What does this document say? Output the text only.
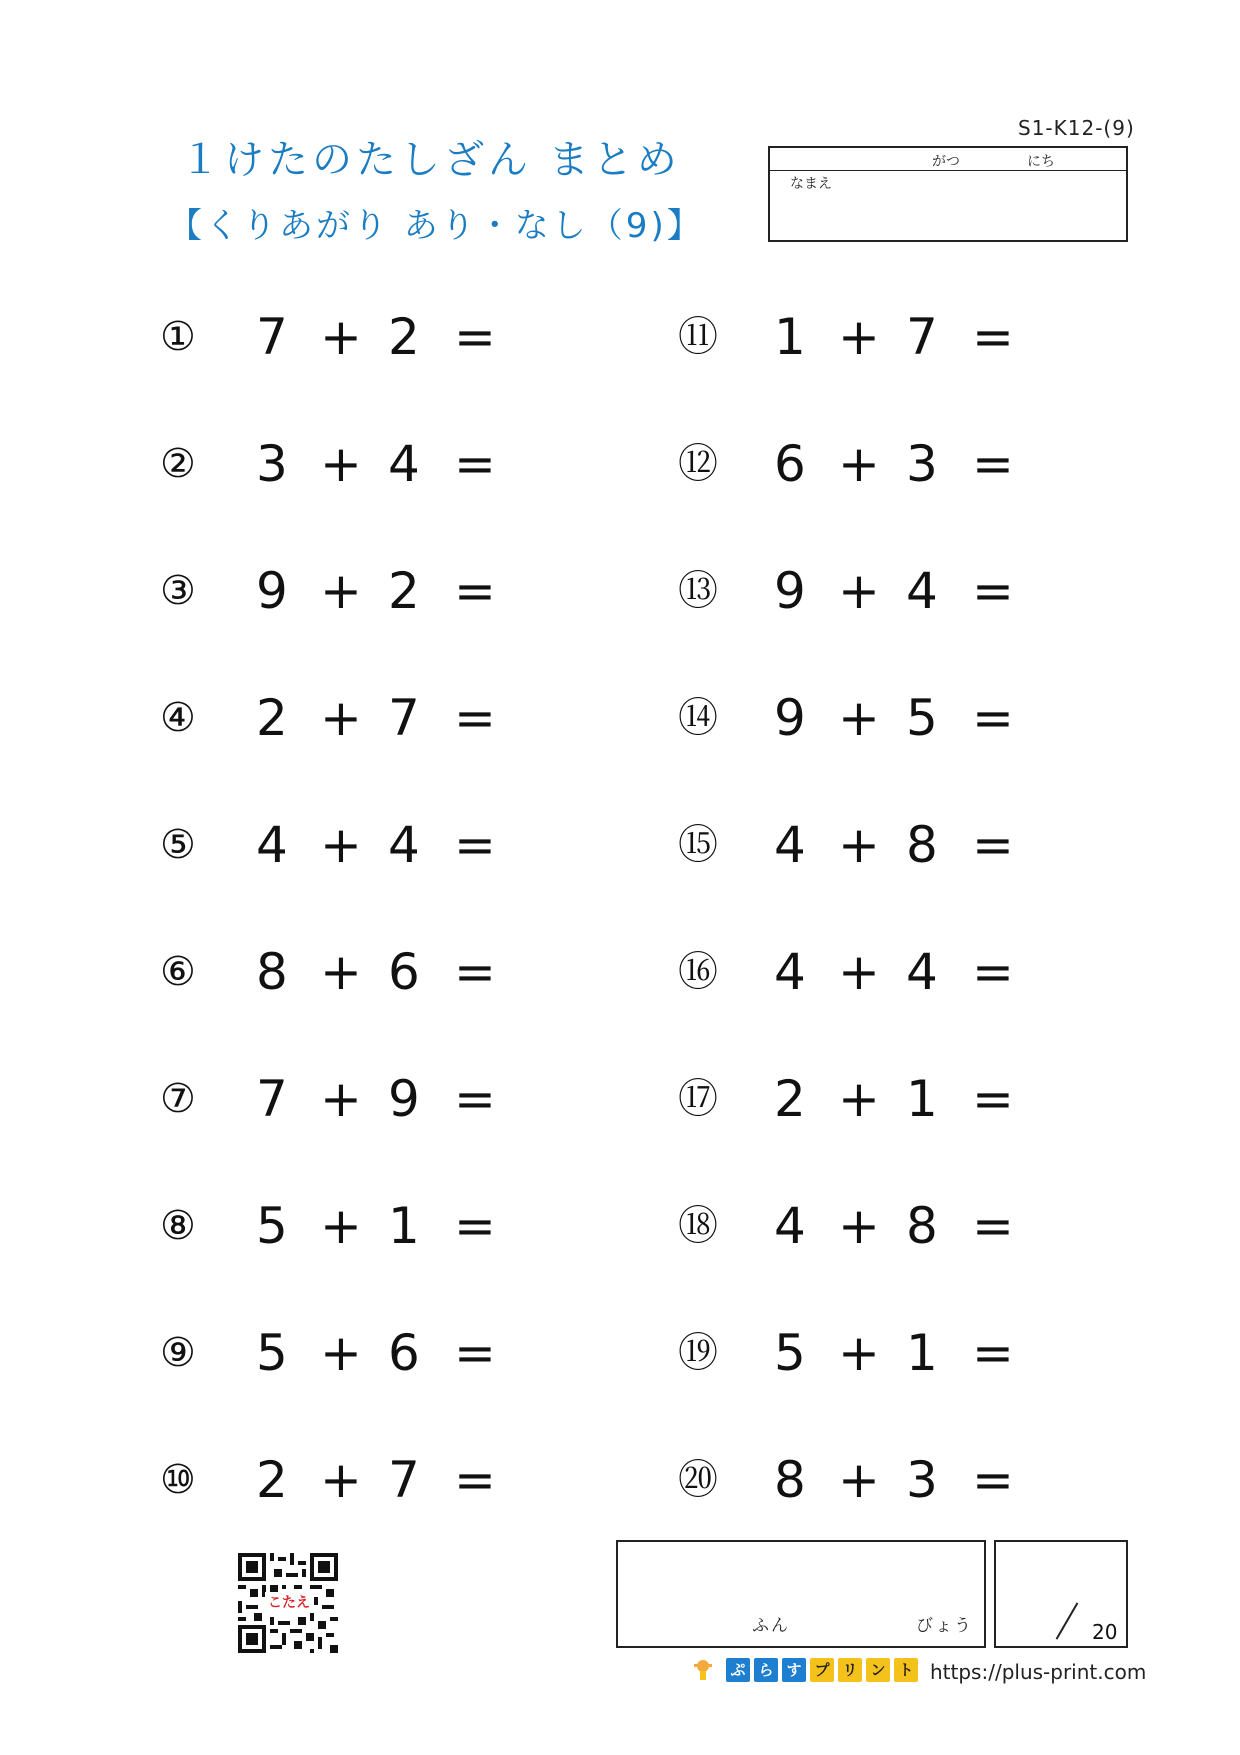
S1-K12-(9)
１けたのたしざん まとめ
【くりあがり あり・なし（9)】
がつ	にち
なまえ
① 7 + 2 =
② 3 + 4 =
③ 9 + 2 =
④ 2 + 7 =
⑤ 4 + 4 =
⑥ 8 + 6 =
⑦ 7 + 9 =
⑧ 5 + 1 =
⑨ 5 + 6 =
⑩ 2 + 7 =
⑪ 1 + 7 =
⑫ 6 + 3 =
⑬ 9 + 4 =
⑭ 9 + 5 =
⑮ 4 + 8 =
⑯ 4 + 4 =
⑰ 2 + 1 =
⑱ 4 + 8 =
⑲ 5 + 1 =
⑳ 8 + 3 =
ふん	びょう	20
こたえ
ぷ ら す プ リ ン ト https://plus-print.com
